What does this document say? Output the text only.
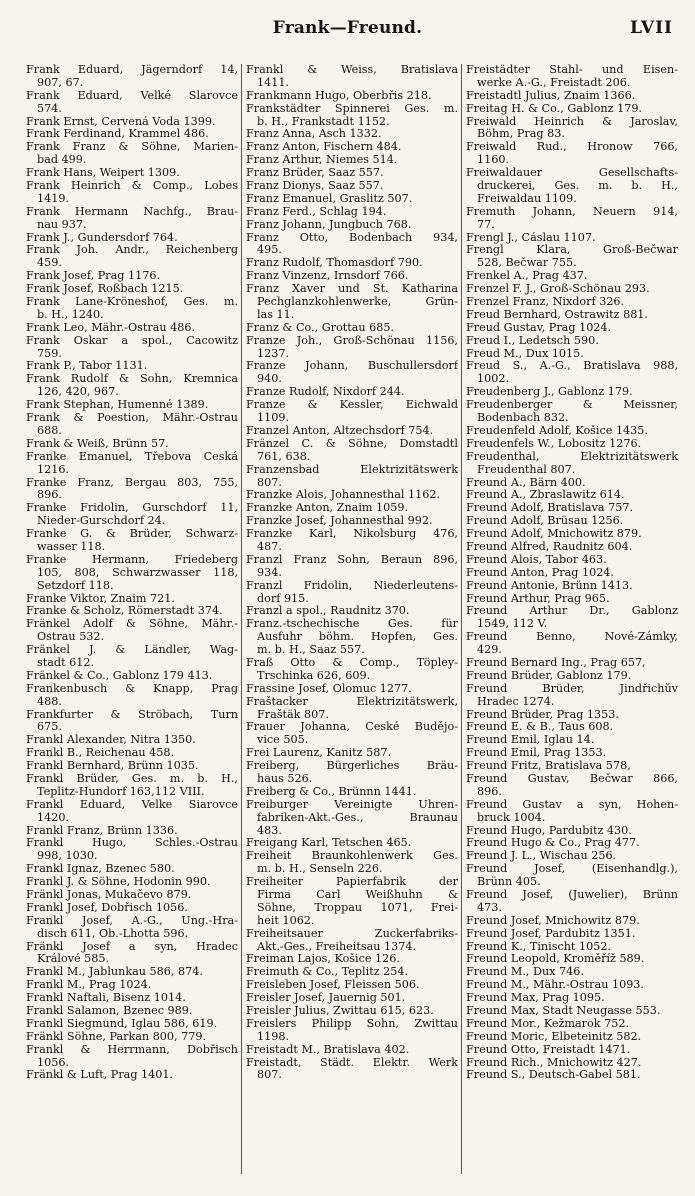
Frank—Freund.	LVII
Frank Eduard, Jägerndorf 14,
907, 67.
Frank Eduard, Velké Šlarovce
574.
Frank Ernst, Červená Voda 1399.
Frank Ferdinand, Krammel 486.
Frank Franz & Söhne, Marien-
bad 499.
Frank Hans, Weipert 1309.
Frank Heinrich & Comp., Lobes
1419.
Frank Hermann Nachfg., Brau-
nau 937.
Frank J., Gundersdorf 764.
Frank Joh. Andr., Reichenberg
459.
Frank Josef, Prag 1176.
Frank Josef, Roßbach 1215.
Frank Lane-Kröneshof, Ges. m.
b. H., 1240.
Frank Leo, Mähr.-Ostrau 486.
Frank Oskar a spol., Cacowitz
759.
Frank P., Tabor 1131.
Frank Rudolf & Sohn, Kremnica
126, 420, 967.
Frank Stephan, Humenné 1389.
Frank & Poestion, Mähr.-Ostrau
688.
Frank & Weiß, Brünn 57.
Franke Emanuel, Třebova Česká
1216.
Franke Franz, Bergau 803, 755,
896.
Franke Fridolin, Gurschdorf 11,
Nieder-Gurschdorf 24.
Franke G. & Brüder, Schwarz-
wasser 118.
Franke Hermann, Friedeberg
105, 808, Schwarzwasser 118,
Setzdorf 118.
Franke Viktor, Znaim 721.
Franke & Scholz, Römerstadt 374.
Fränkel Adolf & Söhne, Mähr.-
Ostrau 532.
Fränkel J. & Ländler, Wag-
stadt 612.
Fränkel & Co., Gablonz 179 413.
Frankenbusch & Knapp, Prag
488.
Frankfurter & Ströbach, Turn
675.
Frankl Alexander, Nitra 1350.
Frankl B., Reichenau 458.
Frankl Bernhard, Brünn 1035.
Frankl Brüder, Ges. m. b. H.,
Teplitz-Hundorf 163,112 VIII.
Frankl Eduard, Velke Siarovce
1420.
Frankl Franz, Brünn 1336.
Frankl Hugo, Schles.-Ostrau
998, 1030.
Frankl Ignaz, Bzenec 580.
Frankl J. & Söhne, Hodonin 990.
Fränkl Jonas, Mukačevo 879.
Frankl Josef, Dobřisch 1056.
Frankl Josef, A.-G., Ung.-Hra-
disch 611, Ob.-Lhotta 596.
Fränkl Josef a syn, Hradec
Králové 585.
Frankl M., Jablunkau 586, 874.
Frankl M., Prag 1024.
Frankl Naftali, Bisenz 1014.
Frankl Salamon, Bzenec 989.
Frankl Siegmund, Iglau 586, 619.
Fränkl Söhne, Parkan 800, 779.
Frankl & Herrmann, Dobřisch
1056.
Fränkl & Luft, Prag 1401.
Frankl & Weiss, Bratislava
1411.
Frankmann Hugo, Oberbřis 218.
Frankstädter Spinnerei Ges. m.
b. H., Frankstadt 1152.
Franz Anna, Asch 1332.
Franz Anton, Fischern 484.
Franz Arthur, Niemes 514.
Franz Brüder, Saaz 557.
Franz Dionys, Saaz 557.
Franz Emanuel, Graslitz 507.
Franz Ferd., Schlag 194.
Franz Johann, Jungbuch 768.
Franz Otto, Bodenbach 934,
495.
Franz Rudolf, Thomasdorf 790.
Franz Vinzenz, Irnsdorf 766.
Franz Xaver und St. Katharina
Pechglanzkohlenwerke, Grün-
las 11.
Franz & Co., Grottau 685.
Franze Joh., Groß-Schönau 1156,
1237.
Franze Johann, Buschullersdorf
940.
Franze Rudolf, Nixdorf 244.
Franze & Kessler, Eichwald
1109.
Franzel Anton, Altzechsdorf 754.
Fränzel C. & Söhne, Domstadtl
761, 638.
Franzensbad Elektrizitätswerk
807.
Franzke Alois, Johannesthal 1162.
Franzke Anton, Znaim 1059.
Franzke Josef, Johannesthal 992.
Franzke Karl, Nikolsburg 476,
487.
Franzl Franz Sohn, Beraun 896,
934.
Franzl Fridolin, Niederleutens-
dorf 915.
Franzl a spol., Raudnitz 370.
Franz.-tschechische Ges. für
Ausfuhr böhm. Hopfen, Ges.
m. b. H., Saaz 557.
Fraß Otto & Comp., Töpley-
Trschinka 626, 609.
Frassine Josef, Olomuc 1277.
Fraštacker Elektrizitätswerk,
Fraštäk 807.
Frauer Johanna, České Budějo-
vice 505.
Frei Laurenz, Kanitz 587.
Freiberg, Bürgerliches Bräu-
haus 526.
Freiberg & Co., Brünnn 1441.
Freiburger Vereinigte Uhren-
fabriken-Akt.-Ges., Braunau
483.
Freigang Karl, Tetschen 465.
Freiheit Braunkohlenwerk Ges.
m. b. H., Senseln 226.
Freiheiter Papierfabrik der
Firma Carl Weißhuhn &
Söhne, Troppau 1071, Frei-
heit 1062.
Freiheitsauer Zuckerfabriks-
Akt.-Ges., Freiheitsau 1374.
Freiman Lajos, Košice 126.
Freimuth & Co., Teplitz 254.
Freisleben Josef, Fleissen 506.
Freisler Josef, Jauernig 501.
Freisler Julius, Zwittau 615, 623.
Freislers Philipp Sohn, Zwittau
1198.
Freistadt M., Bratislava 402.
Freistadt, Städt. Elektr. Werk
807.
Freistädter Stahl- und Eisen-
werke A.-G., Freistadt 206.
Freistadtl Julius, Znaim 1366.
Freitag H. & Co., Gablonz 179.
Freiwald Heinrich & Jaroslav,
Böhm, Prag 83.
Freiwald Rud., Hronow 766,
1160.
Freiwaldauer Gesellschafts-
druckerei, Ges. m. b. H.,
Freiwaldau 1109.
Fremuth Johann, Neuern 914,
77.
Frengl J., Čáslau 1107.
Frengl Klara, Groß-Bečwar
528, Bečwar 755.
Frenkel A., Prag 437.
Frenzel F. J., Groß-Schönau 293.
Frenzel Franz, Nixdorf 326.
Freud Bernhard, Ostrawitz 881.
Freud Gustav, Prag 1024.
Freud I., Ledetsch 590.
Freud M., Dux 1015.
Freud S., A.-G., Bratislava 988,
1002.
Freudenberg J., Gablonz 179.
Freudenberger & Meissner,
Bodenbach 832.
Freudenfeld Adolf, Košice 1435.
Freudenfels W., Lobositz 1276.
Freudenthal, Elektrizitätswerk
Freudenthal 807.
Freund A., Bärn 400.
Freund A., Zbraslawitz 614.
Freund Adolf, Bratislava 757.
Freund Adolf, Brüsau 1256.
Freund Adolf, Mnichowitz 879.
Freund Alfred, Raudnitz 604.
Freund Alois, Tabor 463.
Freund Anton, Prag 1024.
Freund Antonie, Brünn 1413.
Freund Arthur, Prag 965.
Freund Arthur Dr., Gablonz
1549, 112 V.
Freund Benno, Nové-Zámky,
429.
Freund Bernard Ing., Prag 657,
Freund Brüder, Gablonz 179.
Freund Brüder, Jindřichův
Hradec 1274.
Freund Brüder, Prag 1353.
Freund E. & B., Taus 608.
Freund Emil, Iglau 14.
Freund Emil, Prag 1353.
Freund Fritz, Bratislava 578,
Freund Gustav, Bečwar 866,
896.
Freund Gustav a syn, Hohen-
bruck 1004.
Freund Hugo, Pardubitz 430.
Freund Hugo & Co., Prag 477.
Freund J. L., Wischau 256.
Freund Josef, (Eisenhandlg.),
Brünn 405.
Freund Josef, (Juwelier), Brünn
473.
Freund Josef, Mnichowitz 879.
Freund Josef, Pardubitz 1351.
Freund K., Tinischt 1052.
Freund Leopold, Kroměříž 589.
Freund M., Dux 746.
Freund M., Mähr.-Ostrau 1093.
Freund Max, Prag 1095.
Freund Max, Stadt Neugasse 553.
Freund Mor., Kežmarok 752.
Freund Moric, Elbeteinitz 582.
Freund Otto, Freistadt 1471.
Freund Rich., Mnichowitz 427.
Freund S., Deutsch-Gabel 581.
